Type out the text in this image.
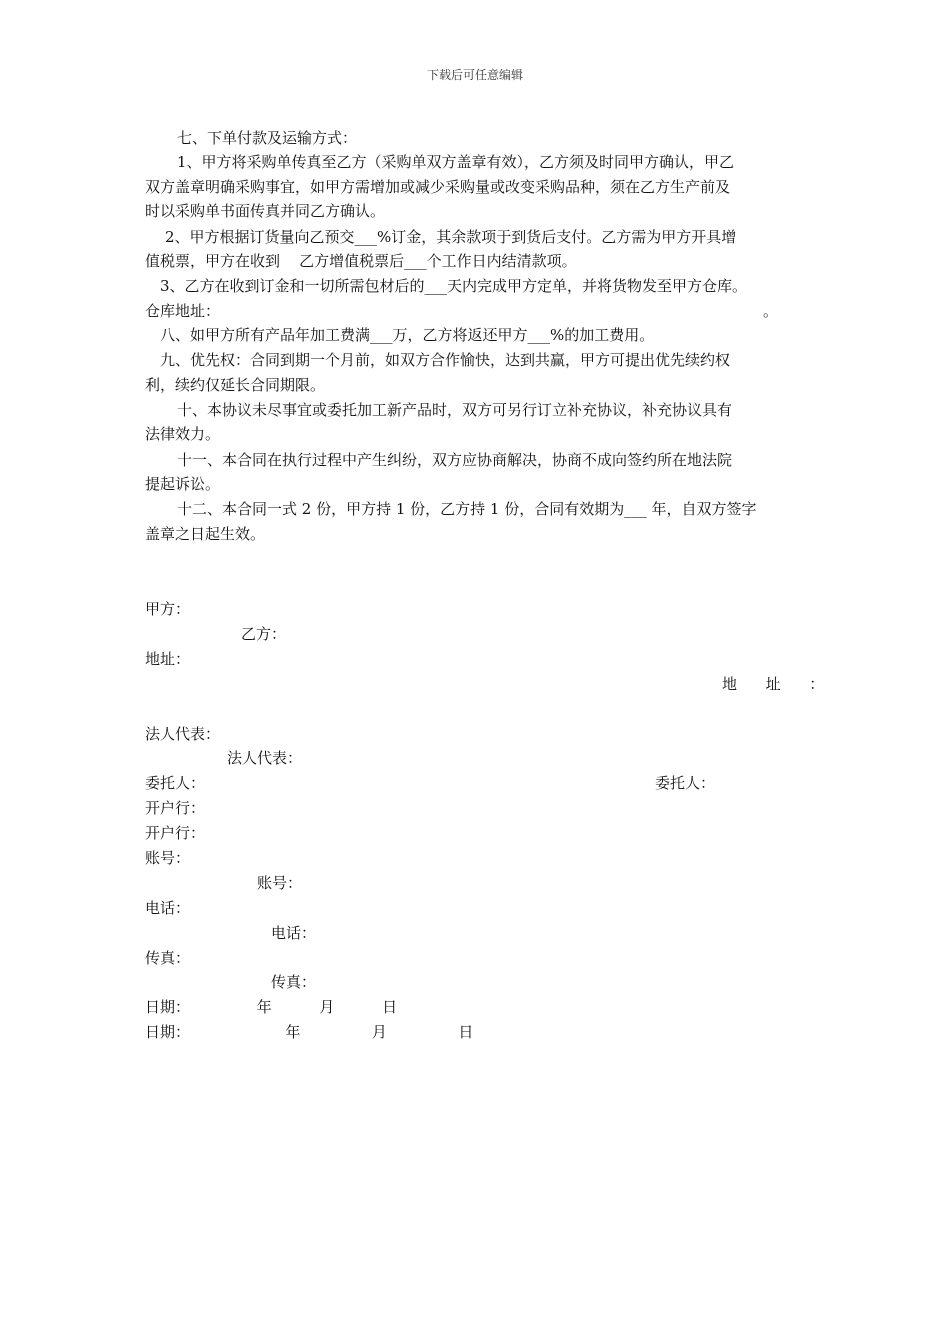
下载后可任意编辑
七、下单付款及运输方式：
1、甲方将采购单传真至乙方（采购单双方盖章有效），乙方须及时同甲方确认，甲乙
双方盖章明确采购事宜，如甲方需增加或减少采购量或改变采购品种，须在乙方生产前及
时以采购单书面传真并同乙方确认。
2、甲方根据订货量向乙预交___%订金，其余款项于到货后支付。乙方需为甲方开具增
值税票，甲方在收到    乙方增值税票后___个工作日内结清款项。
3、乙方在收到订金和一切所需包材后的___天内完成甲方定单，并将货物发至甲方仓库。
仓库地址：	。
八、如甲方所有产品年加工费满___万，乙方将返还甲方___%的加工费用。
九、优先权：合同到期一个月前，如双方合作愉快，达到共赢，甲方可提出优先续约权
利，续约仅延长合同期限。
十、本协议未尽事宜或委托加工新产品时，双方可另行订立补充协议，补充协议具有
法律效力。
十一、本合同在执行过程中产生纠纷，双方应协商解决，协商不成向签约所在地法院
提起诉讼。
十二、本合同一式 2 份，甲方持 1 份，乙方持 1 份，合同有效期为___ 年，自双方签字
盖章之日起生效。
甲方：
乙方：
地址：
地      址      ：
法人代表：
法人代表：
委托人：	委托人：
开户行：
开户行：
账号：
账号：
电话：
电话：
传真：
传真：
日期：              年          月          日
日期：                    年               月               日
